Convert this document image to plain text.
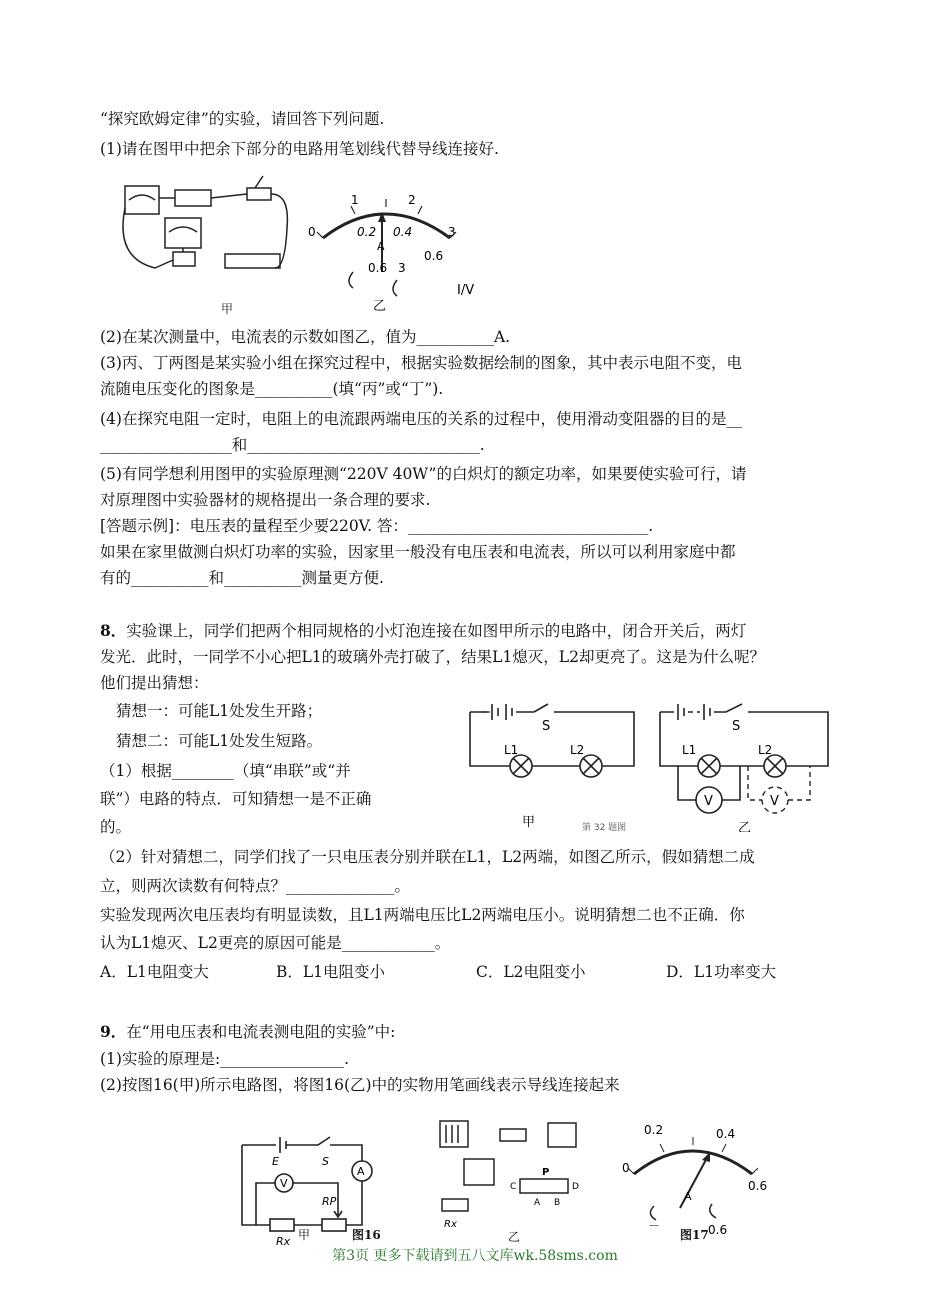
“探究欧姆定律”的实验，请回答下列问题.
(1)请在图甲中把余下部分的电路用笔划线代替导线连接好.
甲
0
1	2
3
0.2 0.4
0.6
A
0.6 3
乙
I/V
(2)在某次测量中，电流表的示数如图乙，值为__________A.
(3)丙、丁两图是某实验小组在探究过程中，根据实验数据绘制的图象，其中表示电阻不变，电
流随电压变化的图象是__________(填“丙”或“丁”).
(4)在探究电阻一定时，电阻上的电流跟两端电压的关系的过程中，使用滑动变阻器的目的是__
_________________和______________________________.
(5)有同学想利用图甲的实验原理测“220V 40W”的白炽灯的额定功率，如果要使实验可行，请
对原理图中实验器材的规格提出一条合理的要求.
[答题示例]：电压表的量程至少要220V. 答：_______________________________.
如果在家里做测白炽灯功率的实验，因家里一般没有电压表和电流表，所以可以利用家庭中都
有的__________和__________测量更方便.
8．实验课上，同学们把两个相同规格的小灯泡连接在如图甲所示的电路中，闭合开关后，两灯
发光．此时，一同学不小心把L1的玻璃外壳打破了，结果L1熄灭，L2却更亮了。这是为什么呢？
他们提出猜想：
猜想一：可能L1处发生开路；
猜想二：可能L1处发生短路。
（1）根据________（填“串联”或“并
联”）电路的特点．可知猜想一是不正确
的。
S
L1	L2
甲	第 32 题图
V	V
S
L1	L2
乙
（2）针对猜想二，同学们找了一只电压表分别并联在L1，L2两端，如图乙所示，假如猜想二成
立，则两次读数有何特点？______________。
实验发现两次电压表均有明显读数，且L1两端电压比L2两端电压小。说明猜想二也不正确．你
认为L1熄灭、L2更亮的原因可能是____________。
A．L1电阻变大	B．L1电阻变小	C．L2电阻变小	D．L1功率变大
9．在“用电压表和电流表测电阻的实验”中:
(1)实验的原理是:________________.
(2)按图16(甲)所示电路图，将图16(乙)中的实物用笔画线表示导线连接起来
E	S
A
V
RP
Rx 甲	图16
Rx
P
C	D
A B
乙
0
0.2	0.4
0.6
A
－	0.6
图17
第3页 更多下载请到五八文库wk.58sms.com
